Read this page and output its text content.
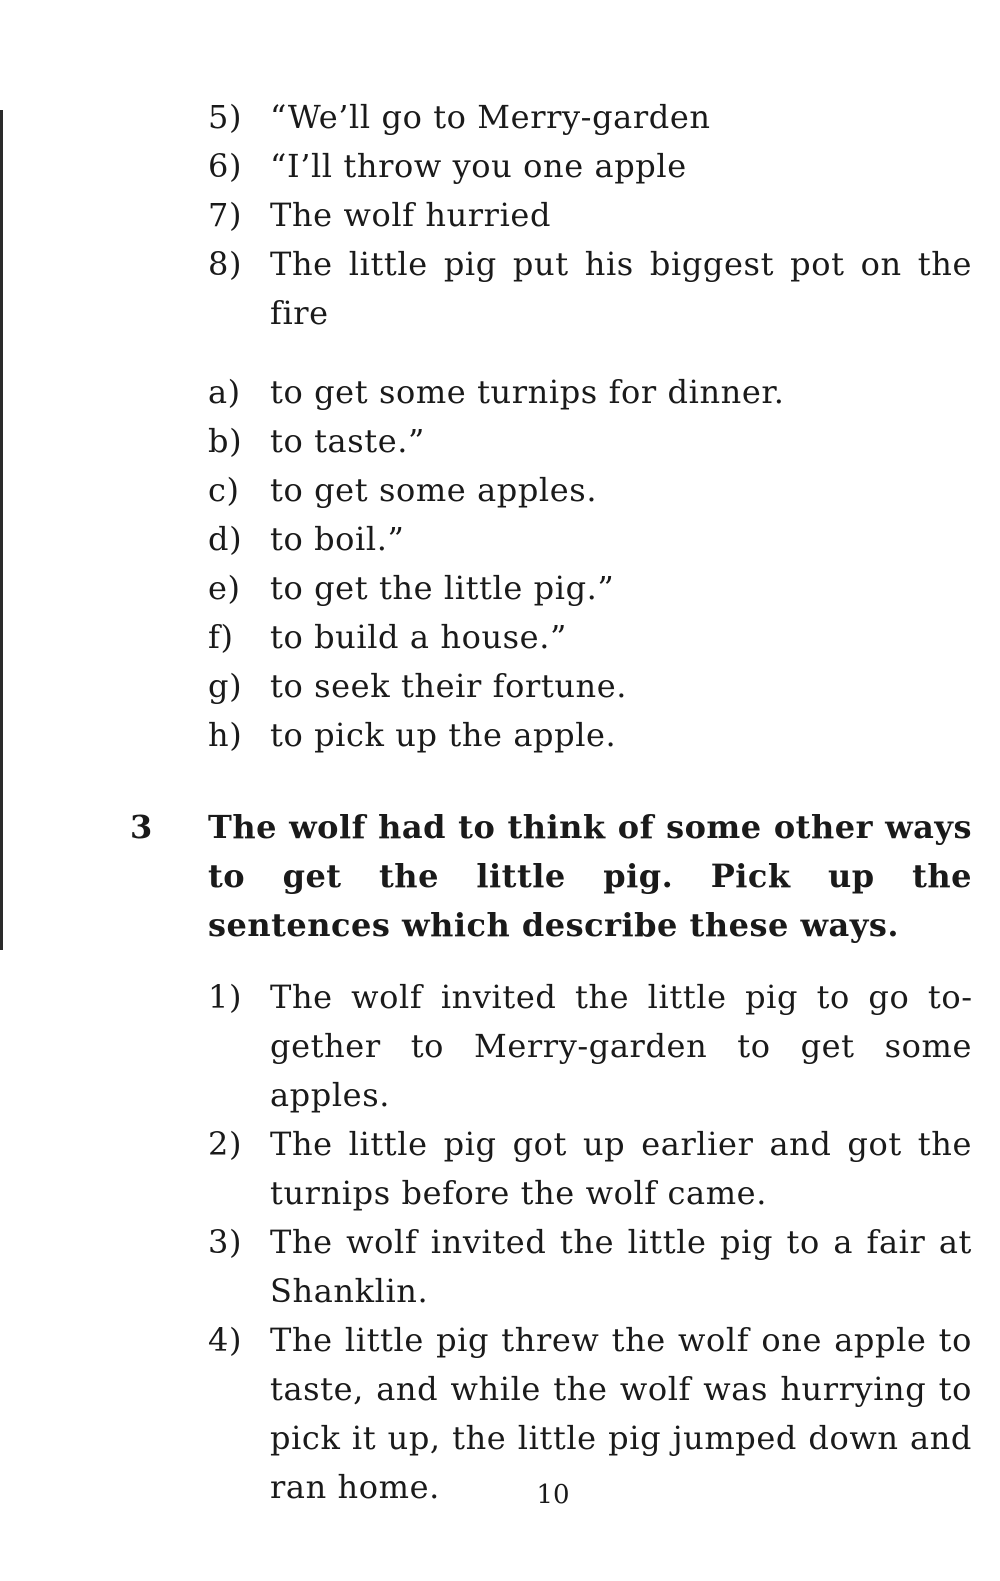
5) “We’ll go to Merry-garden
6) “I’ll throw you one apple
7) The wolf hurried
8) The little pig put his biggest pot on the fire
a) to get some turnips for dinner.
b) to taste.”
c) to get some apples.
d) to boil.”
e) to get the little pig.”
f)	to build a house.”
g) to seek their fortune.
h) to pick up the apple.
3	The wolf had to think of some other ways to get the little pig. Pick up the sentences which describe these ways.
1) The wolf invited the little pig to go together to Merry-garden to get some apples.
2) The little pig got up earlier and got the turnips before the wolf came.
3) The wolf invited the little pig to a fair at Shanklin.
4) The little pig threw the wolf one apple to taste, and while the wolf was hurrying to pick it up, the little pig jumped down and ran home.	10
